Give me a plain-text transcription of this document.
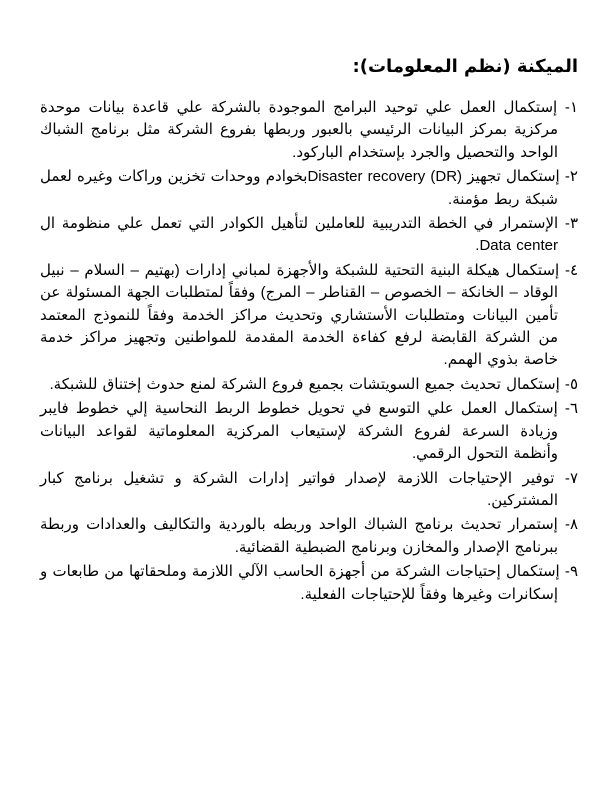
الميكنة (نظم المعلومات):

١- إستكمال العمل علي توحيد البرامج الموجودة بالشركة علي قاعدة بيانات موحدة مركزية بمركز البيانات الرئيسي بالعبور وربطها بفروع الشركة مثل برنامج الشباك الواحد والتحصيل والجرد بإستخدام الباركود.

٢- إستكمال تجهيز Disaster recovery (DR)‎بخوادم ووحدات تخزين وراكات وغيره لعمل شبكة ربط مؤمنة.

٣- الإستمرار في الخطة التدريبية للعاملين لتأهيل الكوادر التي تعمل علي منظومة ال Data center.

٤- إستكمال هيكلة البنية التحتية للشبكة والأجهزة لمباني إدارات (بهتيم – السلام – نبيل الوقاد – الخانكة – الخصوص – القناطر – المرج) وفقاً لمتطلبات الجهة المسئولة عن تأمين البيانات ومتطلبات الأستشاري وتحديث مراكز الخدمة وفقاً للنموذج المعتمد من الشركة القابضة لرفع كفاءة الخدمة المقدمة للمواطنين وتجهيز مراكز خدمة خاصة بذوي الهمم.

٥- إستكمال تحديث جميع السويتشات بجميع فروع الشركة لمنع حدوث إختناق للشبكة.

٦- إستكمال العمل علي التوسع في تحويل خطوط الربط النحاسية إلي خطوط فايبر وزيادة السرعة لفروع الشركة لإستيعاب المركزية المعلوماتية لقواعد البيانات وأنظمة التحول الرقمي.

٧- توفير الإحتياجات اللازمة لإصدار فواتير إدارات الشركة و تشغيل برنامج كبار المشتركين.

٨- إستمرار تحديث برنامج الشباك الواحد وربطه بالوردية والتكاليف والعدادات وربطة ببرنامج الإصدار والمخازن وبرنامج الضبطية القضائية.

٩- إستكمال إحتياجات الشركة من أجهزة الحاسب الآلي اللازمة وملحقاتها من طابعات و إسكانرات وغيرها وفقاً للإحتياجات الفعلية.
